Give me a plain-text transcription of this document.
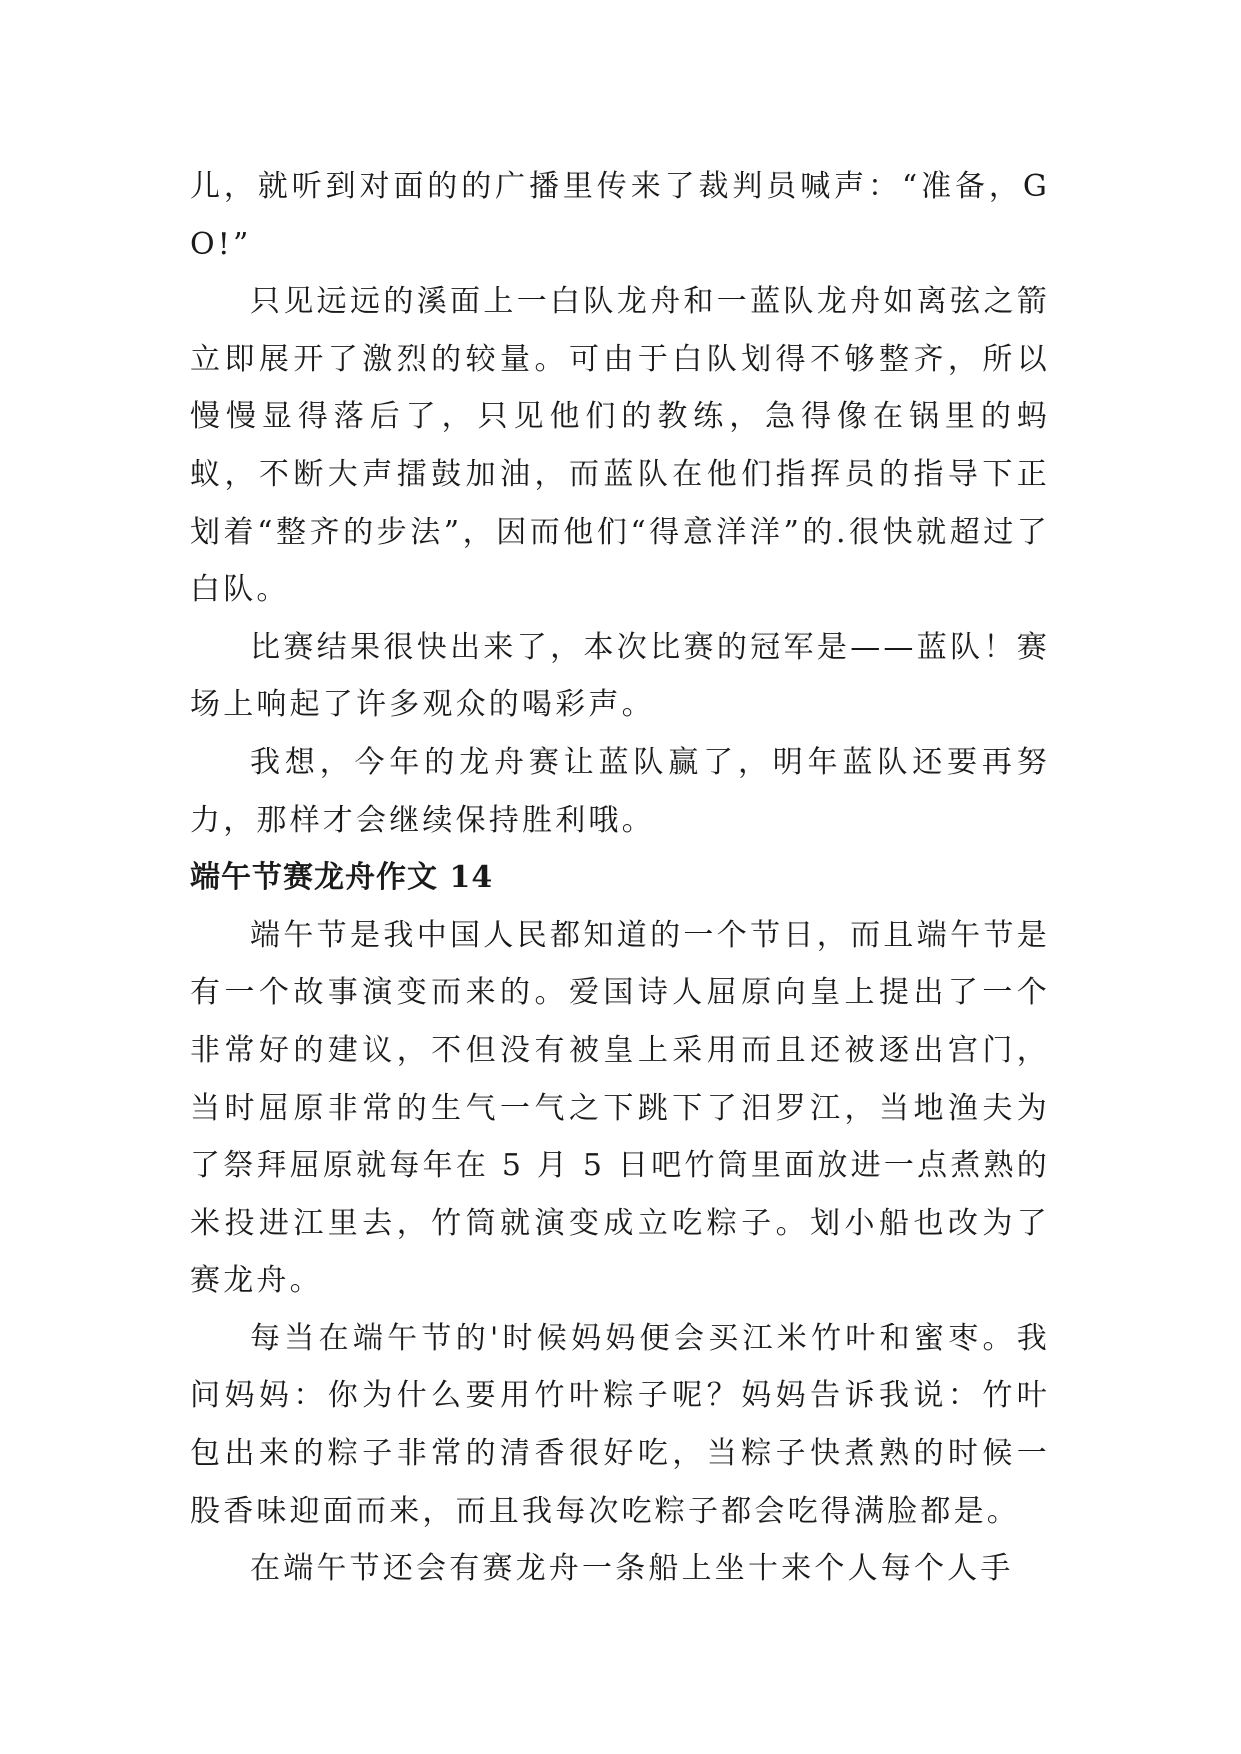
儿，就听到对面的的广播里传来了裁判员喊声：“准备，GO!”

只见远远的溪面上一白队龙舟和一蓝队龙舟如离弦之箭立即展开了激烈的较量。可由于白队划得不够整齐，所以慢慢显得落后了，只见他们的教练，急得像在锅里的蚂蚁，不断大声擂鼓加油，而蓝队在他们指挥员的指导下正划着“整齐的步法”，因而他们“得意洋洋”的.很快就超过了白队。

比赛结果很快出来了，本次比赛的冠军是——蓝队！赛场上响起了许多观众的喝彩声。

我想，今年的龙舟赛让蓝队赢了，明年蓝队还要再努力，那样才会继续保持胜利哦。

端午节赛龙舟作文 14

端午节是我中国人民都知道的一个节日，而且端午节是有一个故事演变而来的。爱国诗人屈原向皇上提出了一个非常好的建议，不但没有被皇上采用而且还被逐出宫门，当时屈原非常的生气一气之下跳下了汨罗江，当地渔夫为了祭拜屈原就每年在 5 月 5 日吧竹筒里面放进一点煮熟的米投进江里去，竹筒就演变成立吃粽子。划小船也改为了赛龙舟。

每当在端午节的'时候妈妈便会买江米竹叶和蜜枣。我问妈妈：你为什么要用竹叶粽子呢？妈妈告诉我说：竹叶包出来的粽子非常的清香很好吃，当粽子快煮熟的时候一股香味迎面而来，而且我每次吃粽子都会吃得满脸都是。

在端午节还会有赛龙舟一条船上坐十来个人每个人手
